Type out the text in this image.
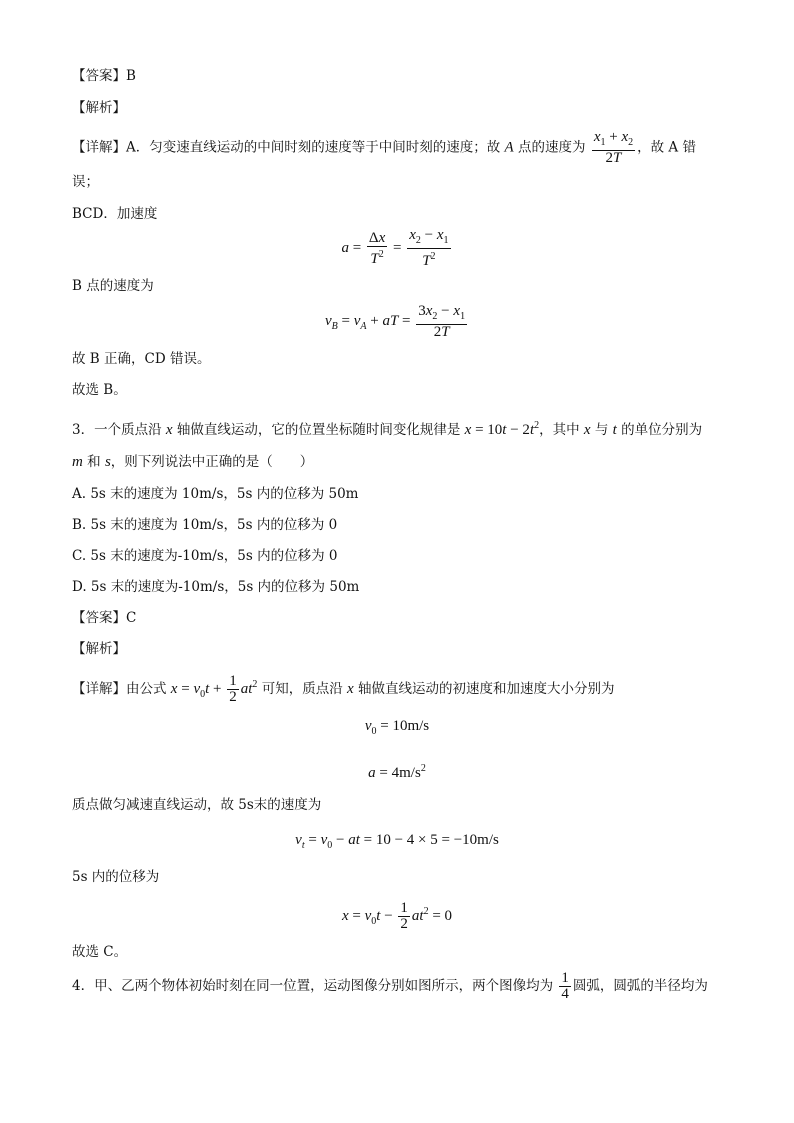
【答案】B
【解析】
【详解】A．匀变速直线运动的中间时刻的速度等于中间时刻的速度；故 A 点的速度为 $\frac{x_1 + x_2}{2T}$ ，故 A 错
误；
BCD．加速度
$a = \frac{\Delta x}{T^2} = \frac{x_2 - x_1}{T^2}$
B 点的速度为
$v_B = v_A$ + aT = $\frac{3x_2 - x_1}{2T}$
故 B 正确，CD 错误。
故选 B。
3．一个质点沿 x 轴做直线运动，它的位置坐标随时间变化规律是 $x = 10t - 2t^2$，其中 x 与 t 的单位分别为
m 和 s，则下列说法中正确的是（　　）
A. 5s 末的速度为 10m/s，5s 内的位移为 50m
B. 5s 末的速度为 10m/s，5s 内的位移为 0
C. 5s 末的速度为-10m/s，5s 内的位移为 0
D. 5s 末的速度为-10m/s，5s 内的位移为 50m
【答案】C
【解析】
【详解】由公式 $x = v_0t + \frac{1}{2} at^2$ 可知，质点沿 x 轴做直线运动的初速度和加速度大小分别为
$v_0 = 10m/s$
$a = 4m/s^2$
质点做匀减速直线运动，故 5s末的速度为
$v_t = v_0$ − at = 10 − 4 × 5 = −10m/s
5s 内的位移为
$x = v_0t - \frac{1}{2} at^2 = 0$
故选 C。
4．甲、乙两个物体初始时刻在同一位置，运动图像分别如图所示，两个图像均为 $\frac{1}{4}$ 圆弧，圆弧的半径均为
